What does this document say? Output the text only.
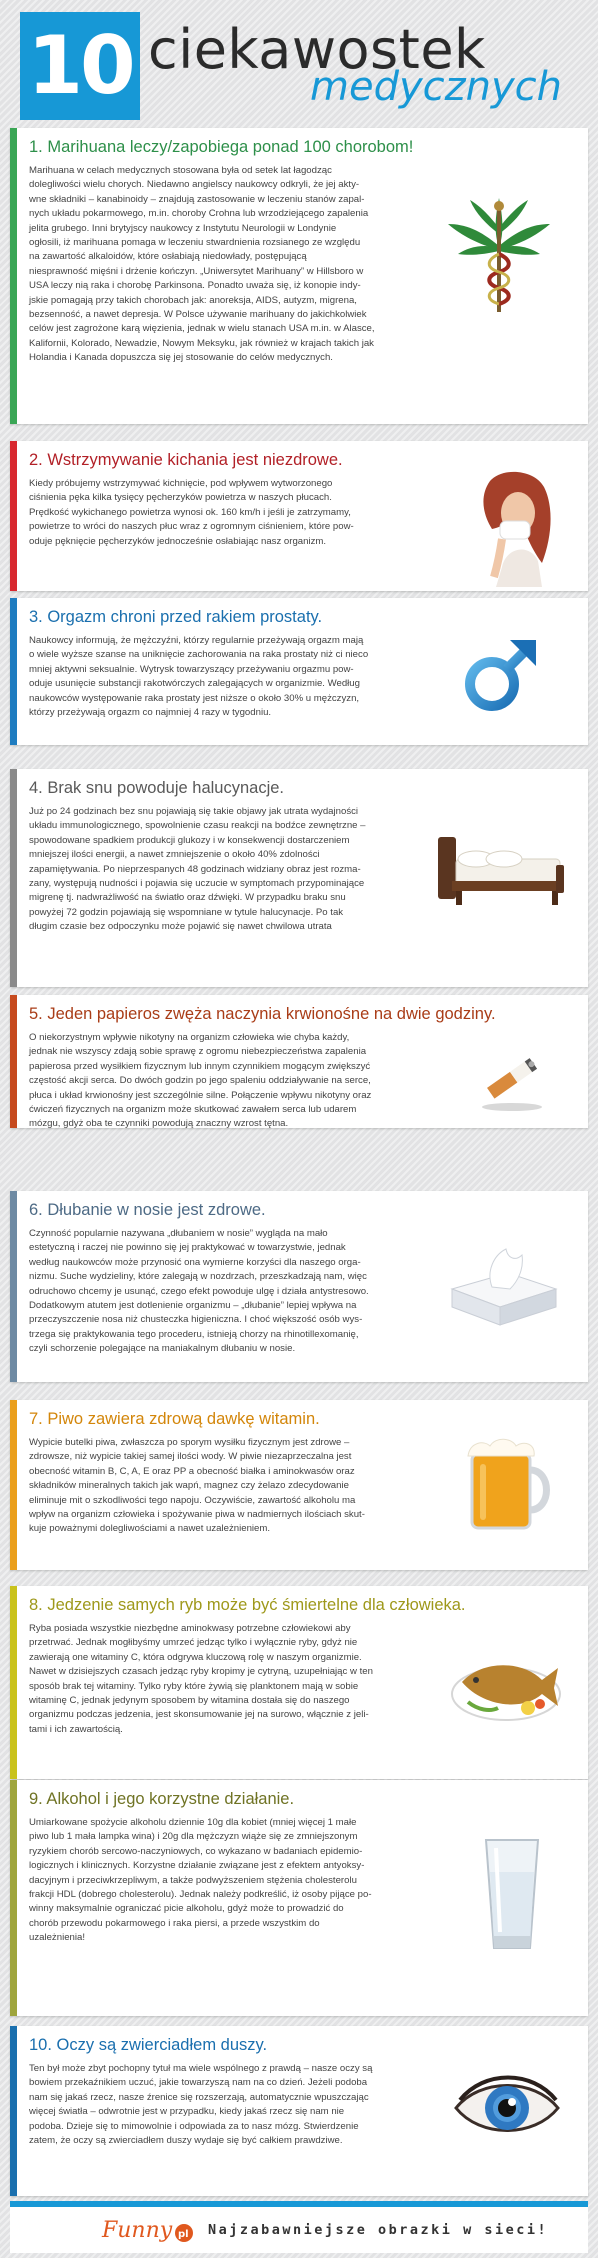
10 ciekawostek
medycznych
1. Marihuana leczy/zapobiega ponad 100 chorobom!
Marihuana w celach medycznych stosowana była od setek lat łagodząc
dolegliwości wielu chorych. Niedawno angielscy naukowcy odkryli, że jej akty-
wne składniki – kanabinoidy – znajdują zastosowanie w leczeniu stanów zapal-
nych układu pokarmowego, m.in. choroby Crohna lub wrzodziejącego zapalenia
jelita grubego. Inni brytyjscy naukowcy z Instytutu Neurologii w Londynie
ogłosili, iż marihuana pomaga w leczeniu stwardnienia rozsianego ze względu
na zawartość alkaloidów, które osłabiają niedowłady, postępującą
niesprawność mięśni i drżenie kończyn. „Uniwersytet Marihuany” w Hillsboro w
USA leczy nią raka i chorobę Parkinsona. Ponadto uważa się, iż konopie indy-
jskie pomagają przy takich chorobach jak: anoreksja, AIDS, autyzm, migrena,
bezsenność, a nawet depresja. W Polsce używanie marihuany do jakichkolwiek
celów jest zagrożone karą więzienia, jednak w wielu stanach USA m.in. w Alasce,
Kalifornii, Kolorado, Newadzie, Nowym Meksyku, jak również w krajach takich jak
Holandia i Kanada dopuszcza się jej stosowanie do celów medycznych.
2. Wstrzymywanie kichania jest niezdrowe.
Kiedy próbujemy wstrzymywać kichnięcie, pod wpływem wytworzonego
ciśnienia pęka kilka tysięcy pęcherzyków powietrza w naszych płucach.
Prędkość wykichanego powietrza wynosi ok. 160 km/h i jeśli je zatrzymamy,
powietrze to wróci do naszych płuc wraz z ogromnym ciśnieniem, które pow-
oduje pęknięcie pęcherzyków jednocześnie osłabiając nasz organizm.
3. Orgazm chroni przed rakiem prostaty.
Naukowcy informują, że mężczyźni, którzy regularnie przeżywają orgazm mają
o wiele wyższe szanse na uniknięcie zachorowania na raka prostaty niż ci nieco
mniej aktywni seksualnie. Wytrysk towarzyszący przeżywaniu orgazmu pow-
oduje usunięcie substancji rakotwórczych zalegających w organizmie. Według
naukowców występowanie raka prostaty jest niższe o około 30% u mężczyzn,
którzy przeżywają orgazm co najmniej 4 razy w tygodniu.
4. Brak snu powoduje halucynacje.
Już po 24 godzinach bez snu pojawiają się takie objawy jak utrata wydajności
układu immunologicznego, spowolnienie czasu reakcji na bodźce zewnętrzne –
spowodowane spadkiem produkcji glukozy i w konsekwencji dostarczeniem
mniejszej ilości energii, a nawet zmniejszenie o około 40% zdolności
zapamiętywania. Po nieprzespanych 48 godzinach widziany obraz jest rozma-
zany, występują nudności i pojawia się uczucie w symptomach przypominające
migrenę tj. nadwrażliwość na światło oraz dźwięki. W przypadku braku snu
powyżej 72 godzin pojawiają się wspomniane w tytule halucynacje. Po tak
długim czasie bez odpoczynku może pojawić się nawet chwilowa utrata
5. Jeden papieros zwęża naczynia krwionośne na dwie godziny.
O niekorzystnym wpływie nikotyny na organizm człowieka wie chyba każdy,
jednak nie wszyscy zdają sobie sprawę z ogromu niebezpieczeństwa zapalenia
papierosa przed wysiłkiem fizycznym lub innym czynnikiem mogącym zwiększyć
częstość akcji serca. Do dwóch godzin po jego spaleniu oddziaływanie na serce,
płuca i układ krwionośny jest szczególnie silne. Połączenie wpływu nikotyny oraz
ćwiczeń fizycznych na organizm może skutkować zawałem serca lub udarem
mózgu, gdyż oba te czynniki powodują znaczny wzrost tętna.
6. Dłubanie w nosie jest zdrowe.
Czynność popularnie nazywana „dłubaniem w nosie” wygląda na mało
estetyczną i raczej nie powinno się jej praktykować w towarzystwie, jednak
według naukowców może przynosić ona wymierne korzyści dla naszego orga-
nizmu. Suche wydzieliny, które zalegają w nozdrzach, przeszkadzają nam, więc
odruchowo chcemy je usunąć, czego efekt powoduje ulgę i działa antystresowo.
Dodatkowym atutem jest dotlenienie organizmu – „dłubanie” lepiej wpływa na
przeczyszczenie nosa niż chusteczka higieniczna. I choć większość osób wys-
trzega się praktykowania tego procederu, istnieją chorzy na rhinotillexomanię,
czyli schorzenie polegające na maniakalnym dłubaniu w nosie.
7. Piwo zawiera zdrową dawkę witamin.
Wypicie butelki piwa, zwłaszcza po sporym wysiłku fizycznym jest zdrowe –
zdrowsze, niż wypicie takiej samej ilości wody. W piwie niezaprzeczalna jest
obecność witamin B, C, A, E oraz PP a obecność białka i aminokwasów oraz
składników mineralnych takich jak wapń, magnez czy żelazo zdecydowanie
eliminuje mit o szkodliwości tego napoju. Oczywiście, zawartość alkoholu ma
wpływ na organizm człowieka i spożywanie piwa w nadmiernych ilościach skut-
kuje poważnymi dolegliwościami a nawet uzależnieniem.
8. Jedzenie samych ryb może być śmiertelne dla człowieka.
Ryba posiada wszystkie niezbędne aminokwasy potrzebne człowiekowi aby
przetrwać. Jednak mogłibyśmy umrzeć jedząc tylko i wyłącznie ryby, gdyż nie
zawierają one witaminy C, która odgrywa kluczową rolę w naszym organizmie.
Nawet w dzisiejszych czasach jedząc ryby kropimy je cytryną, uzupełniając w ten
sposób brak tej witaminy. Tylko ryby które żywią się planktonem mają w sobie
witaminę C, jednak jedynym sposobem by witamina dostała się do naszego
organizmu podczas jedzenia, jest skonsumowanie jej na surowo, włącznie z jeli-
tami i ich zawartością.
9. Alkohol i jego korzystne działanie.
Umiarkowane spożycie alkoholu dziennie 10g dla kobiet (mniej więcej 1 małe
piwo lub 1 mała lampka wina) i 20g dla mężczyzn wiąże się ze zmniejszonym
ryzykiem chorób sercowo-naczyniowych, co wykazano w badaniach epidemio-
logicznych i klinicznych. Korzystne działanie związane jest z efektem antyoksy-
dacyjnym i przeciwkrzepliwym, a także podwyższeniem stężenia cholesterolu
frakcji HDL (dobrego cholesterolu). Jednak należy podkreślić, iż osoby pijące po-
winny maksymalnie ograniczać picie alkoholu, gdyż może to prowadzić do
chorób przewodu pokarmowego i raka piersi, a przede wszystkim do
uzależnienia!
10. Oczy są zwierciadłem duszy.
Ten był może zbyt pochopny tytuł ma wiele wspólnego z prawdą – nasze oczy są
bowiem przekaźnikiem uczuć, jakie towarzyszą nam na co dzień. Jeżeli podoba
nam się jakaś rzecz, nasze źrenice się rozszerzają, automatycznie wpuszczając
więcej światła – odwrotnie jest w przypadku, kiedy jakaś rzecz się nam nie
podoba. Dzieje się to mimowolnie i odpowiada za to nasz mózg. Stwierdzenie
zatem, że oczy są zwierciadłem duszy wydaje się być całkiem prawdziwe.
Funny pl Najzabawniejsze obrazki w sieci!
